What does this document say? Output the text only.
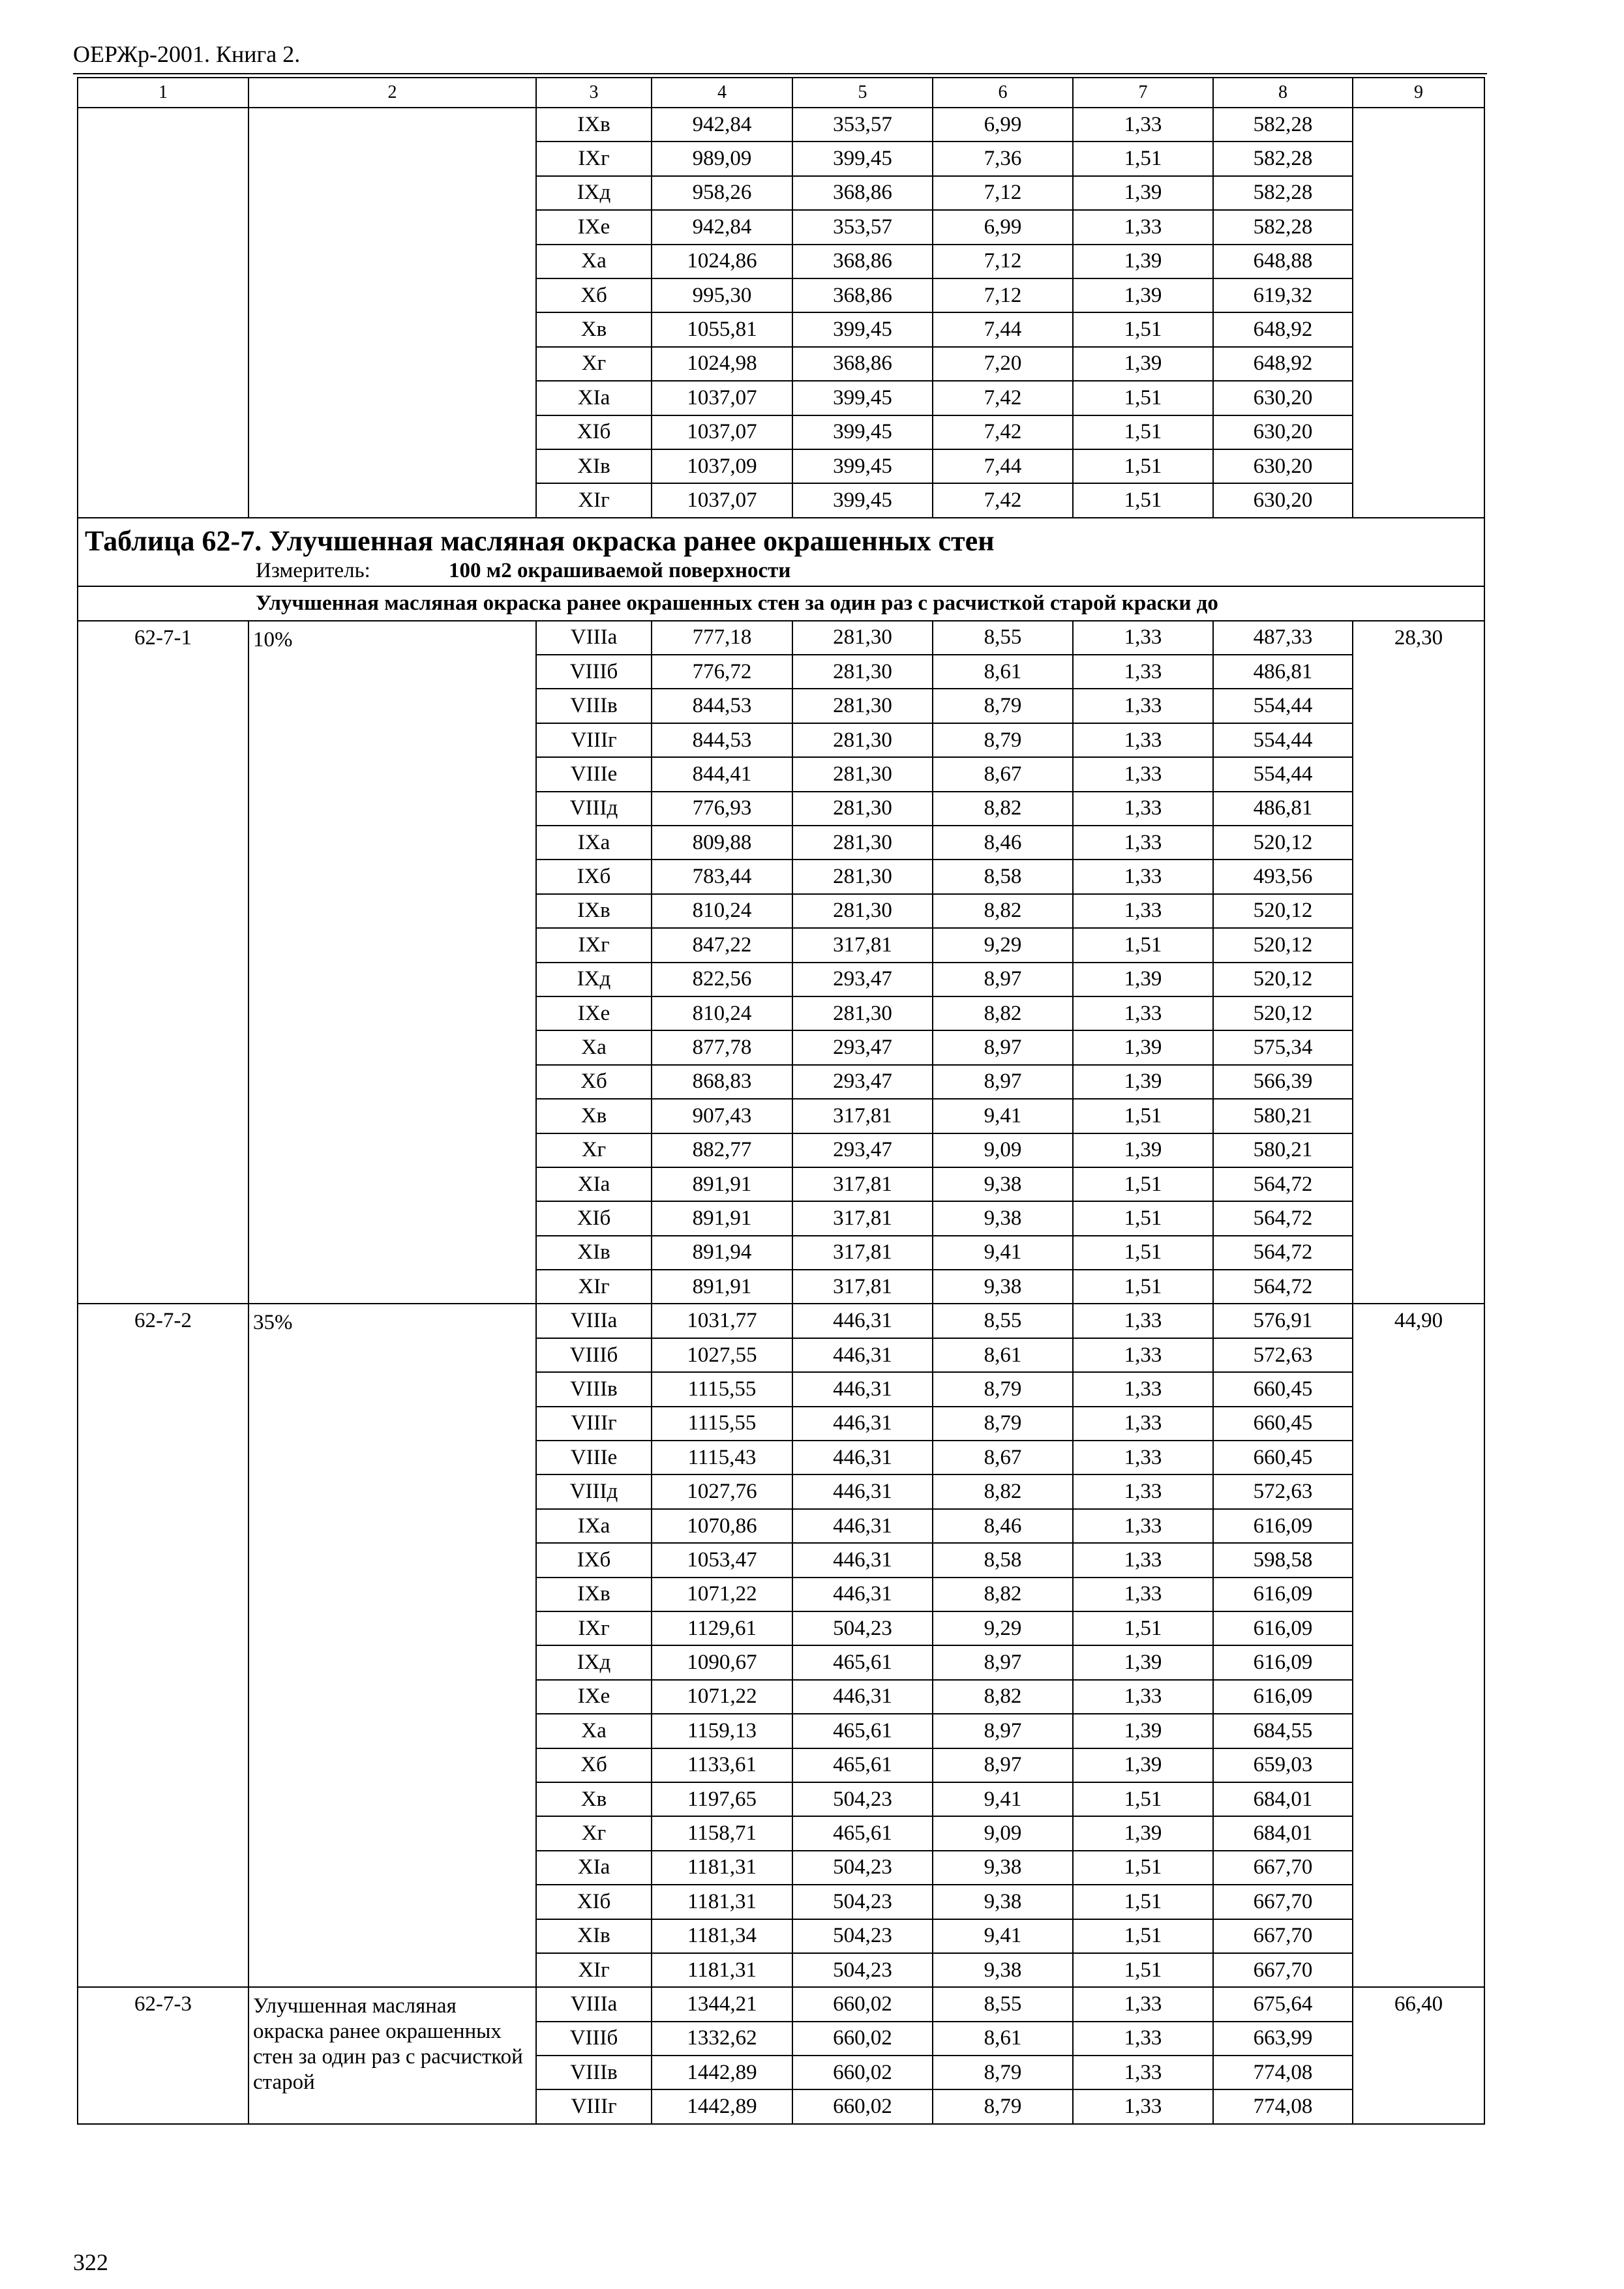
ОЕРЖр-2001. Книга 2.
1	2	3	4	5	6	7	8	9
		IXв	942,84	353,57	6,99	1,33	582,28	
		IXг	989,09	399,45	7,36	1,51	582,28	
		IXд	958,26	368,86	7,12	1,39	582,28	
		IXе	942,84	353,57	6,99	1,33	582,28	
		Xа	1024,86	368,86	7,12	1,39	648,88	
		Xб	995,30	368,86	7,12	1,39	619,32	
		Xв	1055,81	399,45	7,44	1,51	648,92	
		Xг	1024,98	368,86	7,20	1,39	648,92	
		XIа	1037,07	399,45	7,42	1,51	630,20	
		XIб	1037,07	399,45	7,42	1,51	630,20	
		XIв	1037,09	399,45	7,44	1,51	630,20	
		XIг	1037,07	399,45	7,42	1,51	630,20	

Таблица 62-7. Улучшенная масляная окраска ранее окрашенных стен
Измеритель: 100 м2 окрашиваемой поверхности								

Улучшенная масляная окраска ранее окрашенных стен за один раз с расчисткой старой краски до								
62-7-1	10%	VIIIа	777,18	281,30	8,55	1,33	487,33	28,30
		VIIIб	776,72	281,30	8,61	1,33	486,81	
		VIIIв	844,53	281,30	8,79	1,33	554,44	
		VIIIг	844,53	281,30	8,79	1,33	554,44	
		VIIIе	844,41	281,30	8,67	1,33	554,44	
		VIIIд	776,93	281,30	8,82	1,33	486,81	
		IXа	809,88	281,30	8,46	1,33	520,12	
		IXб	783,44	281,30	8,58	1,33	493,56	
		IXв	810,24	281,30	8,82	1,33	520,12	
		IXг	847,22	317,81	9,29	1,51	520,12	
		IXд	822,56	293,47	8,97	1,39	520,12	
		IXе	810,24	281,30	8,82	1,33	520,12	
		Xа	877,78	293,47	8,97	1,39	575,34	
		Xб	868,83	293,47	8,97	1,39	566,39	
		Xв	907,43	317,81	9,41	1,51	580,21	
		Xг	882,77	293,47	9,09	1,39	580,21	
		XIа	891,91	317,81	9,38	1,51	564,72	
		XIб	891,91	317,81	9,38	1,51	564,72	
		XIв	891,94	317,81	9,41	1,51	564,72	
		XIг	891,91	317,81	9,38	1,51	564,72	
62-7-2	35%	VIIIа	1031,77	446,31	8,55	1,33	576,91	44,90
		VIIIб	1027,55	446,31	8,61	1,33	572,63	
		VIIIв	1115,55	446,31	8,79	1,33	660,45	
		VIIIг	1115,55	446,31	8,79	1,33	660,45	
		VIIIе	1115,43	446,31	8,67	1,33	660,45	
		VIIIд	1027,76	446,31	8,82	1,33	572,63	
		IXа	1070,86	446,31	8,46	1,33	616,09	
		IXб	1053,47	446,31	8,58	1,33	598,58	
		IXв	1071,22	446,31	8,82	1,33	616,09	
		IXг	1129,61	504,23	9,29	1,51	616,09	
		IXд	1090,67	465,61	8,97	1,39	616,09	
		IXе	1071,22	446,31	8,82	1,33	616,09	
		Xа	1159,13	465,61	8,97	1,39	684,55	
		Xб	1133,61	465,61	8,97	1,39	659,03	
		Xв	1197,65	504,23	9,41	1,51	684,01	
		Xг	1158,71	465,61	9,09	1,39	684,01	
		XIа	1181,31	504,23	9,38	1,51	667,70	
		XIб	1181,31	504,23	9,38	1,51	667,70	
		XIв	1181,34	504,23	9,41	1,51	667,70	
		XIг	1181,31	504,23	9,38	1,51	667,70	
62-7-3	Улучшенная масляная окраска ранее окрашенных стен за один раз с расчисткой старой	VIIIа	1344,21	660,02	8,55	1,33	675,64	66,40
		VIIIб	1332,62	660,02	8,61	1,33	663,99	
		VIIIв	1442,89	660,02	8,79	1,33	774,08	
		VIIIг	1442,89	660,02	8,79	1,33	774,08	
322
